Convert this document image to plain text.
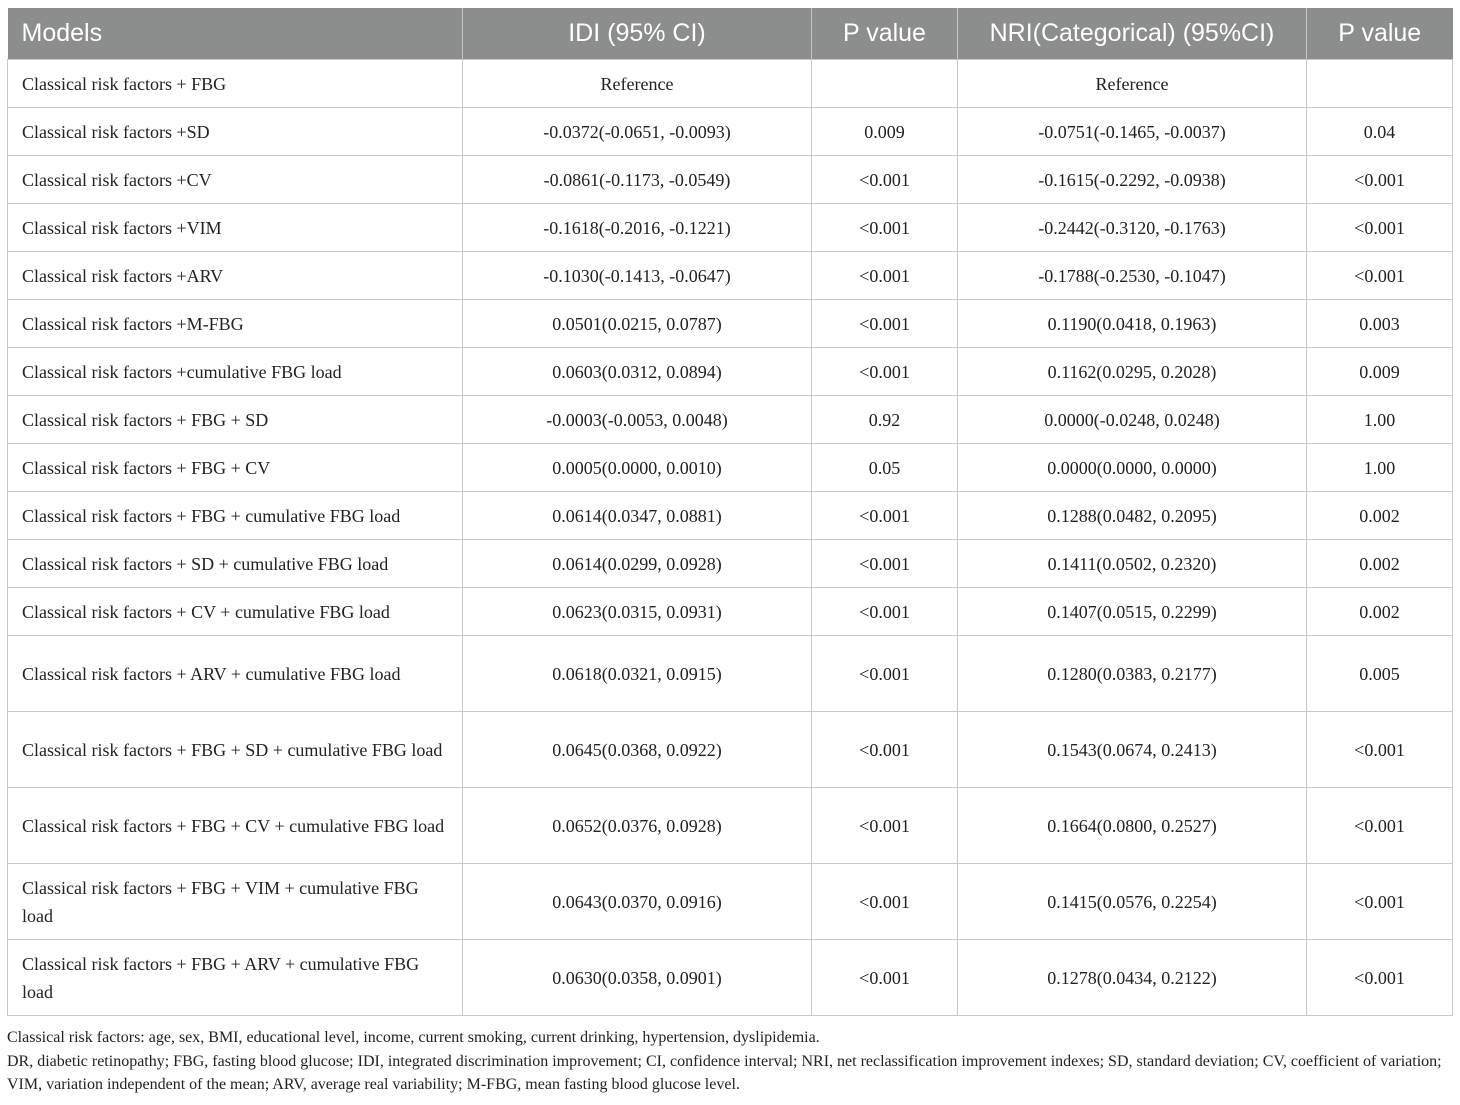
Models	IDI (95% CI)	P value	NRI(Categorical) (95%CI)	P value
Classical risk factors + FBG	Reference		Reference	
Classical risk factors +SD	-0.0372(-0.0651, -0.0093)	0.009	-0.0751(-0.1465, -0.0037)	0.04
Classical risk factors +CV	-0.0861(-0.1173, -0.0549)	<0.001	-0.1615(-0.2292, -0.0938)	<0.001
Classical risk factors +VIM	-0.1618(-0.2016, -0.1221)	<0.001	-0.2442(-0.3120, -0.1763)	<0.001
Classical risk factors +ARV	-0.1030(-0.1413, -0.0647)	<0.001	-0.1788(-0.2530, -0.1047)	<0.001
Classical risk factors +M-FBG	0.0501(0.0215, 0.0787)	<0.001	0.1190(0.0418, 0.1963)	0.003
Classical risk factors +cumulative FBG load	0.0603(0.0312, 0.0894)	<0.001	0.1162(0.0295, 0.2028)	0.009
Classical risk factors + FBG + SD	-0.0003(-0.0053, 0.0048)	0.92	0.0000(-0.0248, 0.0248)	1.00
Classical risk factors + FBG + CV	0.0005(0.0000, 0.0010)	0.05	0.0000(0.0000, 0.0000)	1.00
Classical risk factors + FBG + cumulative FBG load	0.0614(0.0347, 0.0881)	<0.001	0.1288(0.0482, 0.2095)	0.002
Classical risk factors + SD + cumulative FBG load	0.0614(0.0299, 0.0928)	<0.001	0.1411(0.0502, 0.2320)	0.002
Classical risk factors + CV + cumulative FBG load	0.0623(0.0315, 0.0931)	<0.001	0.1407(0.0515, 0.2299)	0.002
Classical risk factors + ARV + cumulative FBG load	0.0618(0.0321, 0.0915)	<0.001	0.1280(0.0383, 0.2177)	0.005
Classical risk factors + FBG + SD + cumulative FBG load	0.0645(0.0368, 0.0922)	<0.001	0.1543(0.0674, 0.2413)	<0.001
Classical risk factors + FBG + CV + cumulative FBG load	0.0652(0.0376, 0.0928)	<0.001	0.1664(0.0800, 0.2527)	<0.001
Classical risk factors + FBG + VIM + cumulative FBG load	0.0643(0.0370, 0.0916)	<0.001	0.1415(0.0576, 0.2254)	<0.001
Classical risk factors + FBG + ARV + cumulative FBG load	0.0630(0.0358, 0.0901)	<0.001	0.1278(0.0434, 0.2122)	<0.001

Classical risk factors: age, sex, BMI, educational level, income, current smoking, current drinking, hypertension, dyslipidemia.

DR, diabetic retinopathy; FBG, fasting blood glucose; IDI, integrated discrimination improvement; CI, confidence interval; NRI, net reclassification improvement indexes; SD, standard deviation; CV, coefficient of variation; VIM, variation independent of the mean; ARV, average real variability; M-FBG, mean fasting blood glucose level.
